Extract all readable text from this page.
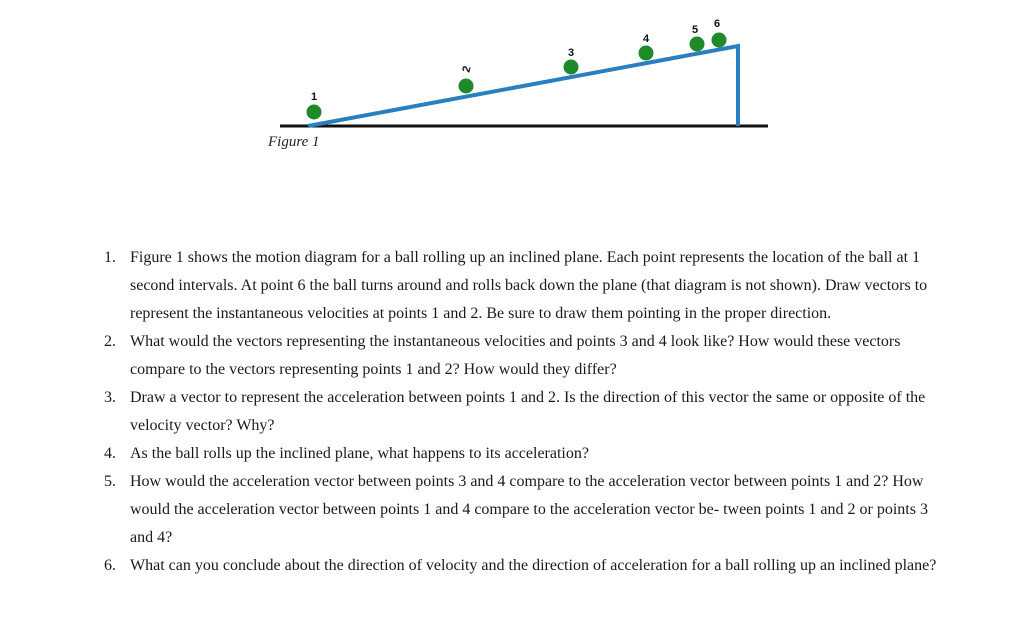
1
2
3
4
5 6
Figure 1
1. Figure 1 shows the motion diagram for a ball rolling up an inclined plane. Each point represents the location of the ball at 1 second intervals. At point 6 the ball turns around and rolls back down the plane (that diagram is not shown). Draw vectors to represent the instantaneous velocities at points 1 and 2. Be sure to draw them pointing in the proper direction.
2. What would the vectors representing the instantaneous velocities and points 3 and 4 look like? How would these vectors compare to the vectors representing points 1 and 2? How would they differ?
3. Draw a vector to represent the acceleration between points 1 and 2. Is the direction of this vector the same or opposite of the velocity vector? Why?
4. As the ball rolls up the inclined plane, what happens to its acceleration?
5. How would the acceleration vector between points 3 and 4 compare to the acceleration vector between points 1 and 2? How would the acceleration vector between points 1 and 4 compare to the acceleration vector be- tween points 1 and 2 or points 3 and 4?
6. What can you conclude about the direction of velocity and the direction of acceleration for a ball rolling up an inclined plane?
